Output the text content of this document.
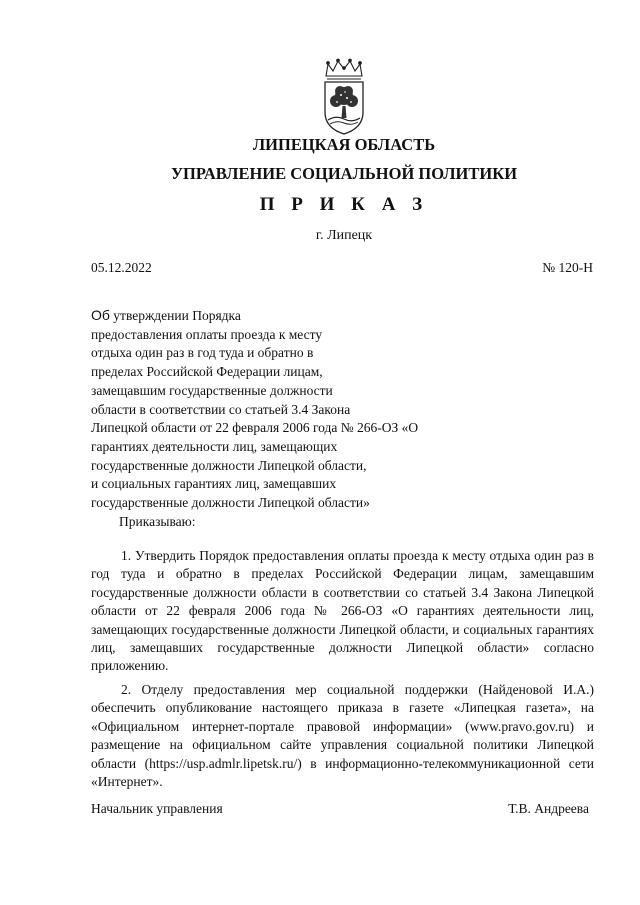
ЛИПЕЦКАЯ ОБЛАСТЬ
УПРАВЛЕНИЕ СОЦИАЛЬНОЙ ПОЛИТИКИ
П Р И К А З
г. Липецк
05.12.2022	№ 120-Н
Об утверждении Порядка
предоставления оплаты проезда к месту
отдыха один раз в год туда и обратно в
пределах Российской Федерации лицам,
замещавшим государственные должности
области в соответствии со статьей 3.4 Закона
Липецкой области от 22 февраля 2006 года № 266-ОЗ «О
гарантиях деятельности лиц, замещающих
государственные должности Липецкой области,
и социальных гарантиях лиц, замещавших
государственные должности Липецкой области»
Приказываю:

1. Утвердить Порядок предоставления оплаты проезда к месту отдыха один раз в год туда и обратно в пределах Российской Федерации лицам, замещавшим государственные должности области в соответствии со статьей 3.4 Закона Липецкой области от 22 февраля 2006 года № 266-ОЗ «О гарантиях деятельности лиц, замещающих государственные должности Липецкой области, и социальных гарантиях лиц, замещавших государственные должности Липецкой области» согласно приложению.

2. Отделу предоставления мер социальной поддержки (Найденовой И.А.) обеспечить опубликование настоящего приказа в газете «Липецкая газета», на «Официальном интернет-портале правовой информации» (www.pravo.gov.ru) и размещение на официальном сайте управления социальной политики Липецкой области (https://usp.admlr.lipetsk.ru/) в информационно-телекоммуникационной сети «Интернет».

Начальник управления	Т.В. Андреева
